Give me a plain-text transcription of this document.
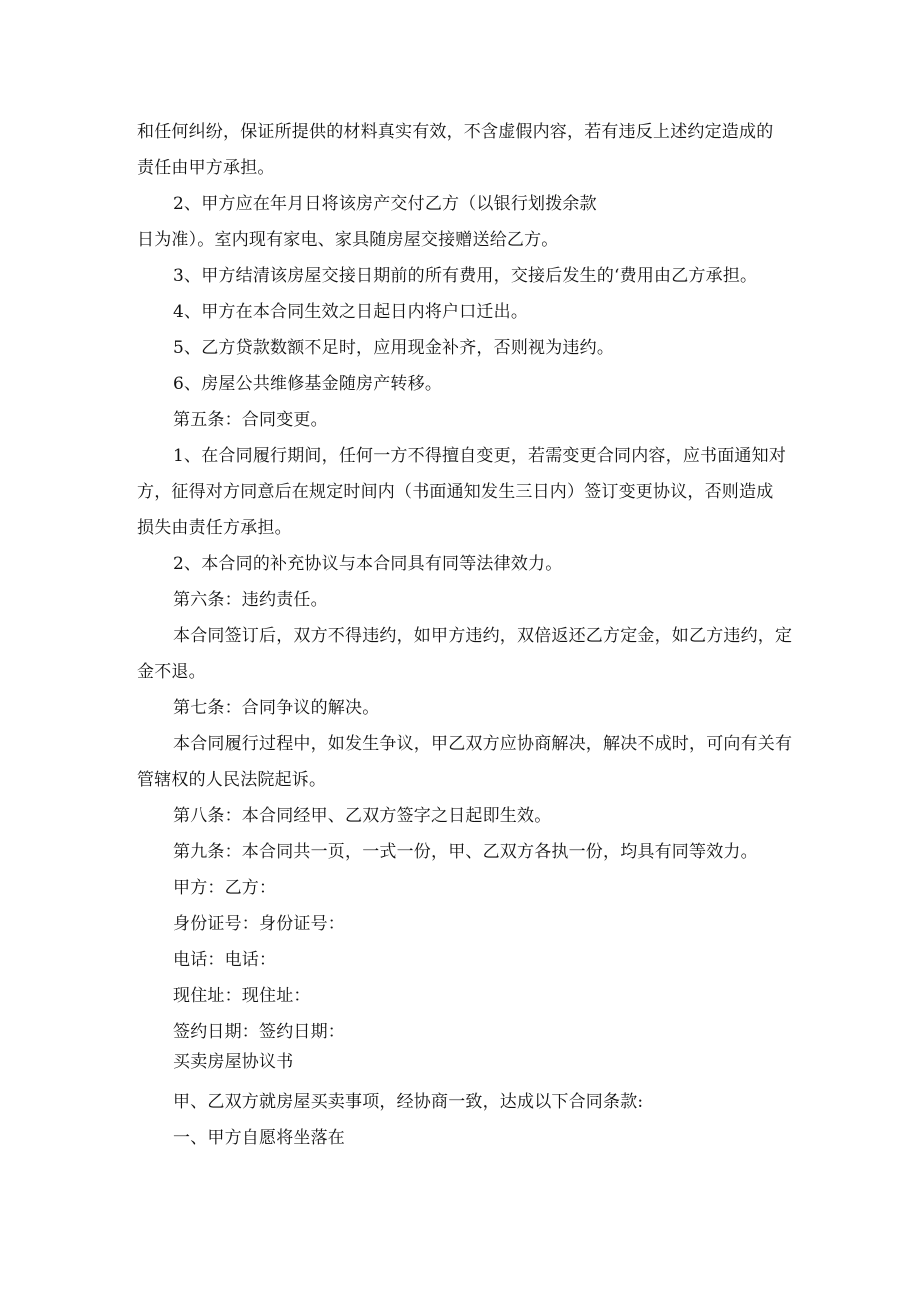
和任何纠纷，保证所提供的材料真实有效，不含虚假内容，若有违反上述约定造成的

责任由甲方承担。

2、甲方应在年月日将该房产交付乙方（以银行划拨余款

日为准）。室内现有家电、家具随房屋交接赠送给乙方。

3、甲方结清该房屋交接日期前的所有费用，交接后发生的‘费用由乙方承担。

4、甲方在本合同生效之日起日内将户口迁出。

5、乙方贷款数额不足时，应用现金补齐，否则视为违约。

6、房屋公共维修基金随房产转移。

第五条：合同变更。

1、在合同履行期间，任何一方不得擅自变更，若需变更合同内容，应书面通知对

方，征得对方同意后在规定时间内（书面通知发生三日内）签订变更协议，否则造成

损失由责任方承担。

2、本合同的补充协议与本合同具有同等法律效力。

第六条：违约责任。

本合同签订后，双方不得违约，如甲方违约，双倍返还乙方定金，如乙方违约，定

金不退。

第七条：合同争议的解决。

本合同履行过程中，如发生争议，甲乙双方应协商解决，解决不成时，可向有关有

管辖权的人民法院起诉。

第八条：本合同经甲、乙双方签字之日起即生效。

第九条：本合同共一页，一式一份，甲、乙双方各执一份，均具有同等效力。

甲方：乙方：

身份证号：身份证号：

电话：电话：

现住址：现住址：

签约日期：签约日期：

买卖房屋协议书

甲、乙双方就房屋买卖事项，经协商一致，达成以下合同条款:

一、甲方自愿将坐落在
